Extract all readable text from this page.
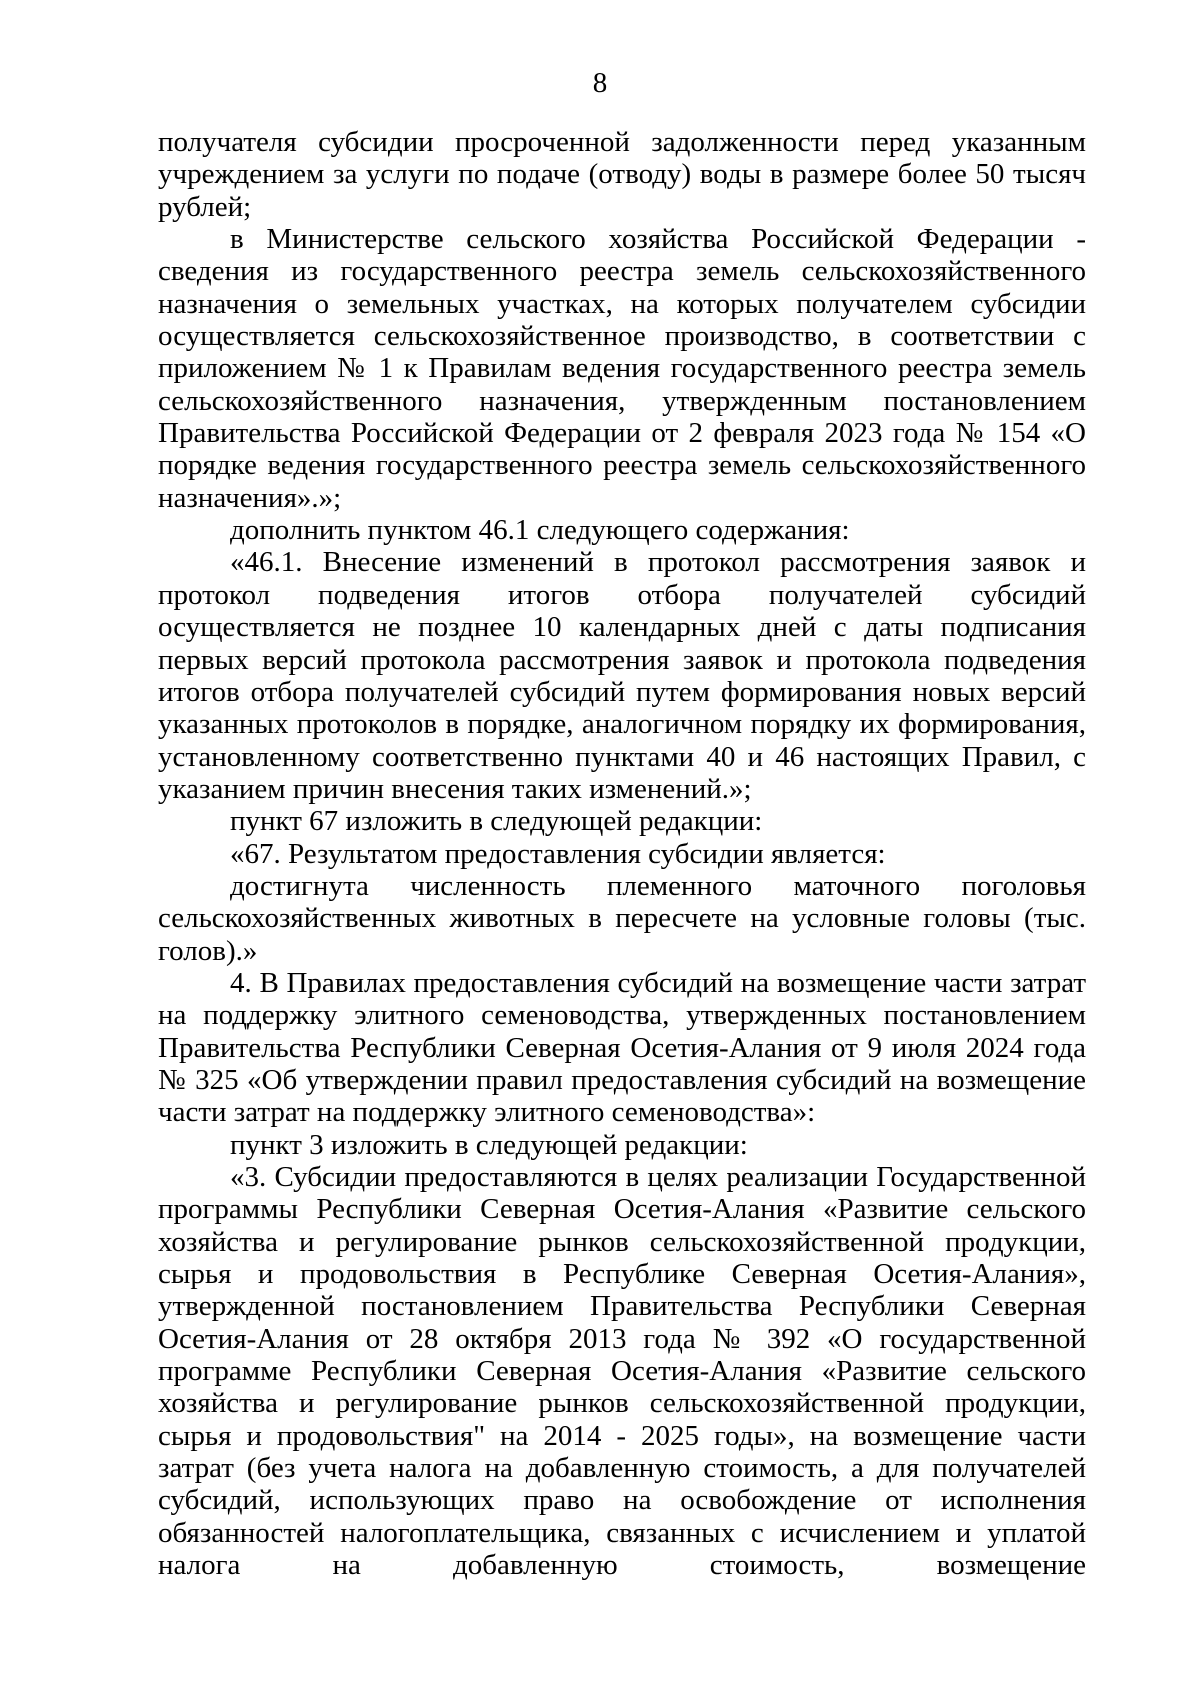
8

получателя субсидии просроченной задолженности перед указанным учреждением за услуги по подаче (отводу) воды в размере более 50 тысяч рублей;

в Министерстве сельского хозяйства Российской Федерации - сведения из государственного реестра земель сельскохозяйственного назначения о земельных участках, на которых получателем субсидии осуществляется сельскохозяйственное производство, в соответствии с приложением № 1 к Правилам ведения государственного реестра земель сельскохозяйственного назначения, утвержденным постановлением Правительства Российской Федерации от 2 февраля 2023 года № 154 «О порядке ведения государственного реестра земель сельскохозяйственного назначения».»;

дополнить пунктом 46.1 следующего содержания:

«46.1. Внесение изменений в протокол рассмотрения заявок и протокол подведения итогов отбора получателей субсидий осуществляется не позднее 10 календарных дней с даты подписания первых версий протокола рассмотрения заявок и протокола подведения итогов отбора получателей субсидий путем формирования новых версий указанных протоколов в порядке, аналогичном порядку их формирования, установленному соответственно пунктами 40 и 46 настоящих Правил, с указанием причин внесения таких изменений.»;

пункт 67 изложить в следующей редакции:

«67. Результатом предоставления субсидии является:

достигнута численность племенного маточного поголовья сельскохозяйственных животных в пересчете на условные головы (тыс. голов).»

4. В Правилах предоставления субсидий на возмещение части затрат на поддержку элитного семеноводства, утвержденных постановлением Правительства Республики Северная Осетия-Алания от 9 июля 2024 года № 325 «Об утверждении правил предоставления субсидий на возмещение части затрат на поддержку элитного семеноводства»:

пункт 3 изложить в следующей редакции:

«3. Субсидии предоставляются в целях реализации Государственной программы Республики Северная Осетия-Алания «Развитие сельского хозяйства и регулирование рынков сельскохозяйственной продукции, сырья и продовольствия в Республике Северная Осетия-Алания», утвержденной постановлением Правительства Республики Северная Осетия-Алания от 28 октября 2013 года № 392 «О государственной программе Республики Северная Осетия-Алания «Развитие сельского хозяйства и регулирование рынков сельскохозяйственной продукции, сырья и продовольствия" на 2014 - 2025 годы», на возмещение части затрат (без учета налога на добавленную стоимость, а для получателей субсидий, использующих право на освобождение от исполнения обязанностей налогоплательщика, связанных с исчислением и уплатой налога на добавленную стоимость, возмещение
